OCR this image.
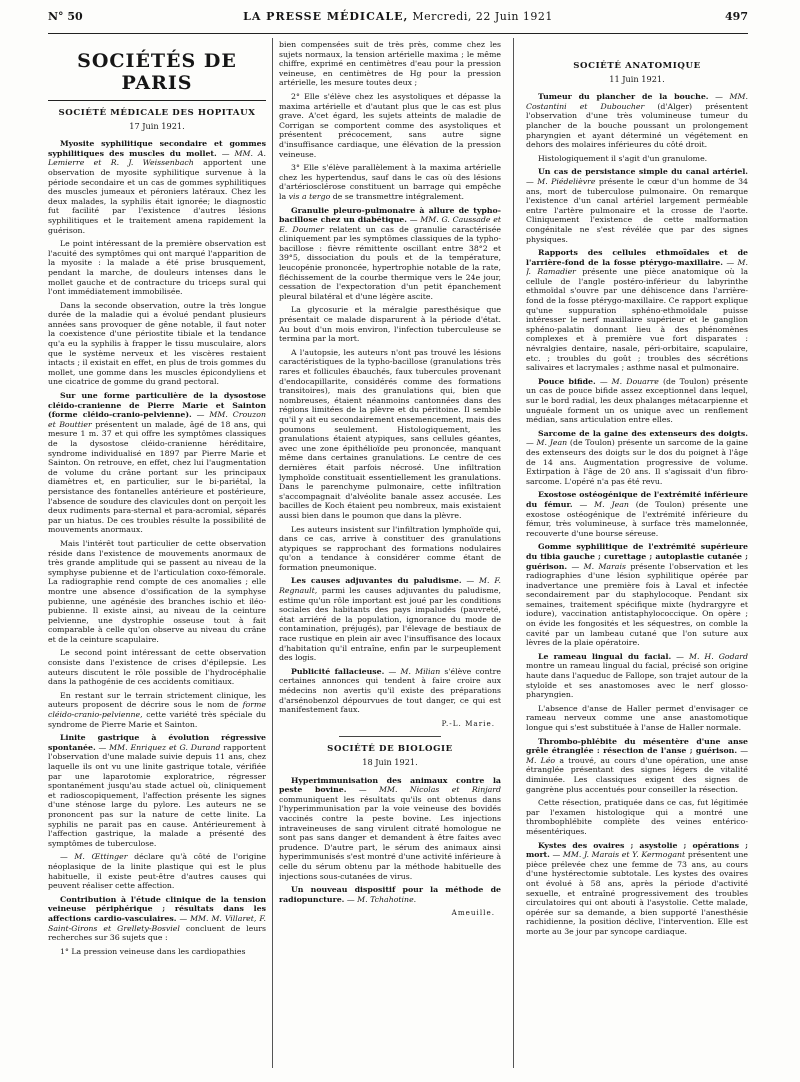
N° 50	LA PRESSE MÉDICALE, Mercredi, 22 Juin 1921	497
SOCIÉTÉS DE PARIS
SOCIÉTÉ MÉDICALE DES HOPITAUX
17 Juin 1921.

Myosite syphilitique secondaire et gommes syphilitiques des muscles du mollet. — MM. A. Lemierre et R. J. Weissenbach apportent une observation de myosite syphilitique survenue à la période secondaire et un cas de gommes syphilitiques des muscles jumeaux et péroniers latéraux. Chez les deux malades, la syphilis était ignorée; le diagnostic fut facilité par l'existence d'autres lésions syphilitiques et le traitement amena rapidement la guérison.

Le point intéressant de la première observation est l'acuité des symptômes qui ont marqué l'apparition de la myosite : la malade a été prise brusquement, pendant la marche, de douleurs intenses dans le mollet gauche et de contracture du triceps sural qui l'ont immédiatement immobilisée.

Dans la seconde observation, outre la très longue durée de la maladie qui a évolué pendant plusieurs années sans provoquer de gêne notable, il faut noter la coexistence d'une périostite tibiale et la tendance qu'a eu la syphilis à frapper le tissu musculaire, alors que le système nerveux et les viscères restaient intacts ; il existait en effet, en plus de trois gommes du mollet, une gomme dans les muscles épicondyliens et une cicatrice de gomme du grand pectoral.

Sur une forme particulière de la dysostose cléido-cranienne de Pierre Marie et Sainton (forme cléido-cranio-pelvienne). — MM. Crouzon et Bouttier présentent un malade, âgé de 18 ans, qui mesure 1 m. 37 et qui offre les symptômes classiques de la dysostose cléido-cranienne héréditaire, syndrome individualisé en 1897 par Pierre Marie et Sainton. On retrouve, en effet, chez lui l'augmentation de volume du crâne portant sur les principaux diamètres et, en particulier, sur le bi-pariétal, la persistance des fontanelles antérieure et postérieure, l'absence de soudure des clavicules dont on perçoit les deux rudiments para-sternal et para-acromial, séparés par un hiatus. De ces troubles résulte la possibilité de mouvements anormaux.

Mais l'intérêt tout particulier de cette observation réside dans l'existence de mouvements anormaux de très grande amplitude qui se passent au niveau de la symphyse pubienne et de l'articulation coxo-fémorale. La radiographie rend compte de ces anomalies ; elle montre une absence d'ossification de la symphyse pubienne, une agénésie des branches ischio et iléo-pubienne. Il existe ainsi, au niveau de la ceinture pelvienne, une dystrophie osseuse tout à fait comparable à celle qu'on observe au niveau du crâne et de la ceinture scapulaire.

Le second point intéressant de cette observation consiste dans l'existence de crises d'épilepsie. Les auteurs discutent le rôle possible de l'hydrocéphalie dans la pathogénie de ces accidents comitiaux.

En restant sur le terrain strictement clinique, les auteurs proposent de décrire sous le nom de forme cléido-cranio-pelvienne, cette variété très spéciale du syndrome de Pierre Marie et Sainton.

Linite gastrique à évolution régressive spontanée. — MM. Enriquez et G. Durand rapportent l'observation d'une malade suivie depuis 11 ans, chez laquelle ils ont vu une linite gastrique totale, vérifiée par une laparotomie exploratrice, régresser spontanément jusqu'au stade actuel où, cliniquement et radioscopiquement, l'affection présente les signes d'une sténose large du pylore. Les auteurs ne se prononcent pas sur la nature de cette linite. La syphilis ne parait pas en cause. Antérieurement à l'affection gastrique, la malade a présenté des symptômes de tuberculose.

— M. Œttinger déclare qu'à côté de l'origine néoplasique de la linite plastique qui est le plus habituelle, il existe peut-être d'autres causes qui peuvent réaliser cette affection.

Contribution à l'étude clinique de la tension veineuse périphérique ; résultats dans les affections cardio-vasculaires. — MM. M. Villaret, F. Saint-Girons et Grellety-Bosviel concluent de leurs recherches sur 36 sujets que :

1° La pression veineuse dans les cardiopathies

bien compensées suit de très près, comme chez les sujets normaux, la tension artérielle maxima ; le même chiffre, exprimé en centimètres d'eau pour la pression veineuse, en centimètres de Hg pour la pression artérielle, les mesure toutes deux ;

2° Elle s'élève chez les asystoliques et dépasse la maxima artérielle et d'autant plus que le cas est plus grave. A'cet égard, les sujets atteints de maladie de Corrigan se comportent comme des asystoliques et présentent précocement, sans autre signe d'insuffisance cardiaque, une élévation de la pression veineuse.

3° Elle s'élève parallèlement à la maxima artérielle chez les hypertendus, sauf dans le cas où des lésions d'artériosclérose constituent un barrage qui empêche la vis a tergo de se transmettre intégralement.

Granulie pleuro-pulmonaire à allure de typho-bacillose chez un diabétique. — MM. G. Caussade et E. Doumer relatent un cas de granulie caractérisée cliniquement par les symptômes classiques de la typho-bacillose : fièvre rémittente oscillant entre 38°2 et 39°5, dissociation du pouls et de la température, leucopénie prononcée, hypertrophie notable de la rate, fléchissement de la courbe thermique vers le 24e jour, cessation de l'expectoration d'un petit épanchement pleural bilatéral et d'une légère ascite.

La glycosurie et la méralgie paresthésique que présentait ce malade disparurent à la période d'état. Au bout d'un mois environ, l'infection tuberculeuse se termina par la mort.

A l'autopsie, les auteurs n'ont pas trouvé les lésions caractéristiques de la typho-bacillose (granulations très rares et follicules ébauchés, faux tubercules provenant d'endocapillarite, considérés comme des formations transitoires), mais des granulations qui, bien que nombreuses, étaient néanmoins cantonnées dans des régions limitées de la plèvre et du péritoine. Il semble qu'il y ait eu secondairement ensemencement, mais des poumons seulement. Histologiquement, les granulations étaient atypiques, sans cellules géantes, avec une zone épithélioïde peu prononcée, manquant même dans certaines granulations. Le centre de ces dernières était parfois nécrosé. Une infiltration lymphoïde constituait essentiellement les granulations. Dans le parenchyme pulmonaire, cette infiltration s'accompagnait d'alvéolite banale assez accusée. Les bacilles de Koch étaient peu nombreux, mais existaient aussi bien dans le poumon que dans la plèvre.

Les auteurs insistent sur l'infiltration lymphoïde qui, dans ce cas, arrive à constituer des granulations atypiques se rapprochant des formations nodulaires qu'on a tendance à considérer comme étant de formation pneumonique.

Les causes adjuvantes du paludisme. — M. F. Regnault, parmi les causes adjuvantes du paludisme, estime qu'un rôle important est joué par les conditions sociales des habitants des pays impaludés (pauvreté, état arriéré de la population, ignorance du mode de contamination, préjugés), par l'élevage de bestiaux de race rustique en plein air avec l'insuffisance des locaux d'habitation qu'il entraîne, enfin par le surpeuplement des logis.

Publicité fallacieuse. — M. Milian s'élève contre certaines annonces qui tendent à faire croire aux médecins non avertis qu'il existe des préparations d'arsénobenzol dépourvues de tout danger, ce qui est manifestement faux.

P.-L. Marie.

SOCIÉTÉ DE BIOLOGIE
18 Juin 1921.

Hyperimmunisation des animaux contre la peste bovine. — MM. Nicolas et Rinjard communiquent les résultats qu'ils ont obtenus dans l'hyperimmunisation par la voie veineuse des bovidés vaccinés contre la peste bovine. Les injections intraveineuses de sang virulent citraté homologue ne sont pas sans danger et demandent à être faites avec prudence. D'autre part, le sérum des animaux ainsi hyperimmunisés s'est montré d'une activité inférieure à celle du sérum obtenu par la méthode habituelle des injections sous-cutanées de virus.

Un nouveau dispositif pour la méthode de radiopuncture. — M. Tchahotine.

Ameuille.

SOCIÉTÉ ANATOMIQUE
11 Juin 1921.

Tumeur du plancher de la bouche. — MM. Costantini et Duboucher (d'Alger) présentent l'observation d'une très volumineuse tumeur du plancher de la bouche poussant un prolongement pharyngien et ayant déterminé un végétement en dehors des molaires inférieures du côté droit.

Histologiquement il s'agit d'un granulome.

Un cas de persistance simple du canal artériel. — M. Piédelièvre présente le cœur d'un homme de 34 ans, mort de tuberculose pulmonaire. On remarque l'existence d'un canal artériel largement perméable entre l'artère pulmonaire et la crosse de l'aorte. Cliniquement l'existence de cette malformation congénitale ne s'est révélée que par des signes physiques.

Rapports des cellules ethmoïdales et de l'arrière-fond de la fosse ptérygo-maxillaire. — M. J. Ramadier présente une pièce anatomique où la cellule de l'angle postéro-inférieur du labyrinthe ethmoïdal s'ouvre par une déhiscence dans l'arrière-fond de la fosse ptérygo-maxillaire. Ce rapport explique qu'une suppuration sphéno-ethmoïdale puisse intéresser le nerf maxillaire supérieur et le ganglion sphéno-palatin donnant lieu à des phénomènes complexes et à première vue fort disparates : névralgies dentaire, nasale, péri-orbitaire, scapulaire, etc. ; troubles du goût ; troubles des sécrétions salivaires et lacrymales ; asthme nasal et pulmonaire.

Pouce bifide. — M. Douarre (de Toulon) présente un cas de pouce bifide assez exceptionnel dans lequel, sur le bord radial, les deux phalanges métacarpienne et unguéale forment un os unique avec un renflement médian, sans articulation entre elles.

Sarcome de la gaine des extenseurs des doigts. — M. Jean (de Toulon) présente un sarcome de la gaine des extenseurs des doigts sur le dos du poignet à l'âge de 14 ans. Augmentation progressive de volume. Extirpation à l'âge de 20 ans. Il s'agissait d'un fibro-sarcome. L'opéré n'a pas été revu.

Exostose ostéogénique de l'extrémité inférieure du fémur. — M. Jean (de Toulon) présente une exostose ostéogénique de l'extrémité inférieure du fémur, très volumineuse, à surface très mamelonnée, recouverte d'une bourse séreuse.

Gomme syphilitique de l'extrémité supérieure du tibia gauche ; curettage ; autoplastie cutanée ; guérison. — M. Marais présente l'observation et les radiographies d'une lésion syphilitique opérée par inadvertance une première fois à Laval et infectée secondairement par du staphylocoque. Pendant six semaines, traitement spécifique mixte (hydrargyre et iodure), vaccination antistaphylococcique. On opère ; on évide les fongosités et les séquestres, on comble la cavité par un lambeau cutané que l'on suture aux lèvres de la plaie opératoire.

Le rameau lingual du facial. — M. H. Godard montre un rameau lingual du facial, précisé son origine haute dans l'aqueduc de Fallope, son trajet autour de la styloïde et ses anastomoses avec le nerf glosso-pharyngien.

L'absence d'anse de Haller permet d'envisager ce rameau nerveux comme une anse anastomotique longue qui s'est substituée à l'anse de Haller normale.

Thrombo-phlébite du mésentère d'une anse grêle étranglée : résection de l'anse ; guérison. — M. Léo a trouvé, au cours d'une opération, une anse étranglée présentant des signes légers de vitalité diminuée. Les classiques exigent des signes de gangrène plus accentués pour conseiller la résection.

Cette résection, pratiquée dans ce cas, fut légitimée par l'examen histologique qui a montré une thrombophlébite complète des veines entérico-mésentériques.

Kystes des ovaires ; asystolie ; opérations ; mort. — MM. J. Marais et Y. Kermogant présentent une pièce prélevée chez une femme de 73 ans, au cours d'une hystérectomie subtotale. Les kystes des ovaires ont évolué à 58 ans, après la période d'activité sexuelle, et entraîné progressivement des troubles circulatoires qui ont abouti à l'asystolie. Cette malade, opérée sur sa demande, a bien supporté l'anesthésie rachidienne, la position déclive, l'intervention. Elle est morte au 3e jour par syncope cardiaque.
